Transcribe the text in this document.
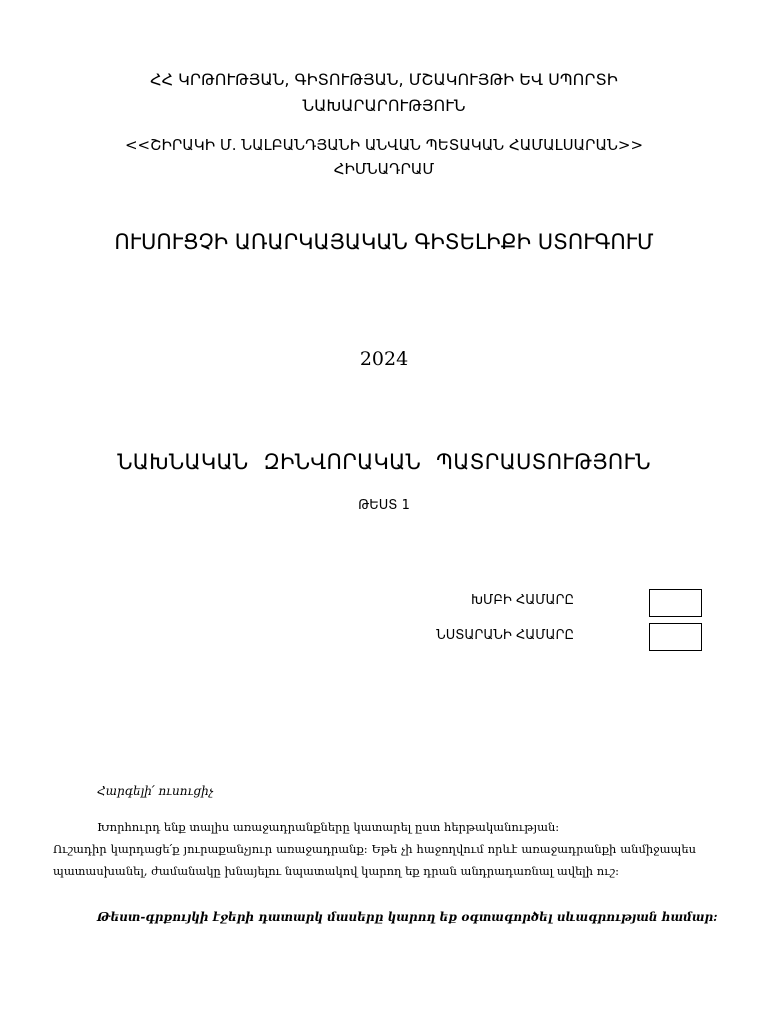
ՀՀ ԿՐԹՈՒԹՅԱՆ, ԳԻՏՈՒԹՅԱՆ, ՄՇԱԿՈՒՅԹԻ ԵՎ ՍՊՈՐՏԻ
ՆԱԽԱՐԱՐՈՒԹՅՈՒՆ
<<ՇԻՐԱԿԻ Մ. ՆԱԼԲԱՆԴՅԱՆԻ ԱՆՎԱՆ ՊԵՏԱԿԱՆ ՀԱՄԱԼՍԱՐԱՆ>>
ՀԻՄՆԱԴՐԱՄ
ՈՒՍՈՒՑՉԻ ԱՌԱՐԿԱՅԱԿԱՆ ԳԻՏԵԼԻՔԻ ՍՏՈՒԳՈՒՄ
2024
ՆԱԽՆԱԿԱՆ ԶԻՆՎՈՐԱԿԱՆ ՊԱՏՐԱՍՏՈՒԹՅՈՒՆ
ԹԵՍՏ 1
ԽՄԲԻ ՀԱՄԱՐԸ
ՆՍՏԱՐԱՆԻ ՀԱՄԱՐԸ
Հարգելի՛ ուսուցիչ
Խորհուրդ ենք տալիս առաջադրանքները կատարել ըստ հերթականության:
Ուշադիր կարդացե՛ք յուրաքանչյուր առաջադրանք: Եթե չի հաջողվում որևէ առաջադրանքի անմիջապես պատասխանել, ժամանակը խնայելու նպատակով կարող եք դրան անդրադառնալ ավելի ուշ:
Թեստ-գրքույկի էջերի դատարկ մասերը կարող եք օգտագործել սևագրության համար:
